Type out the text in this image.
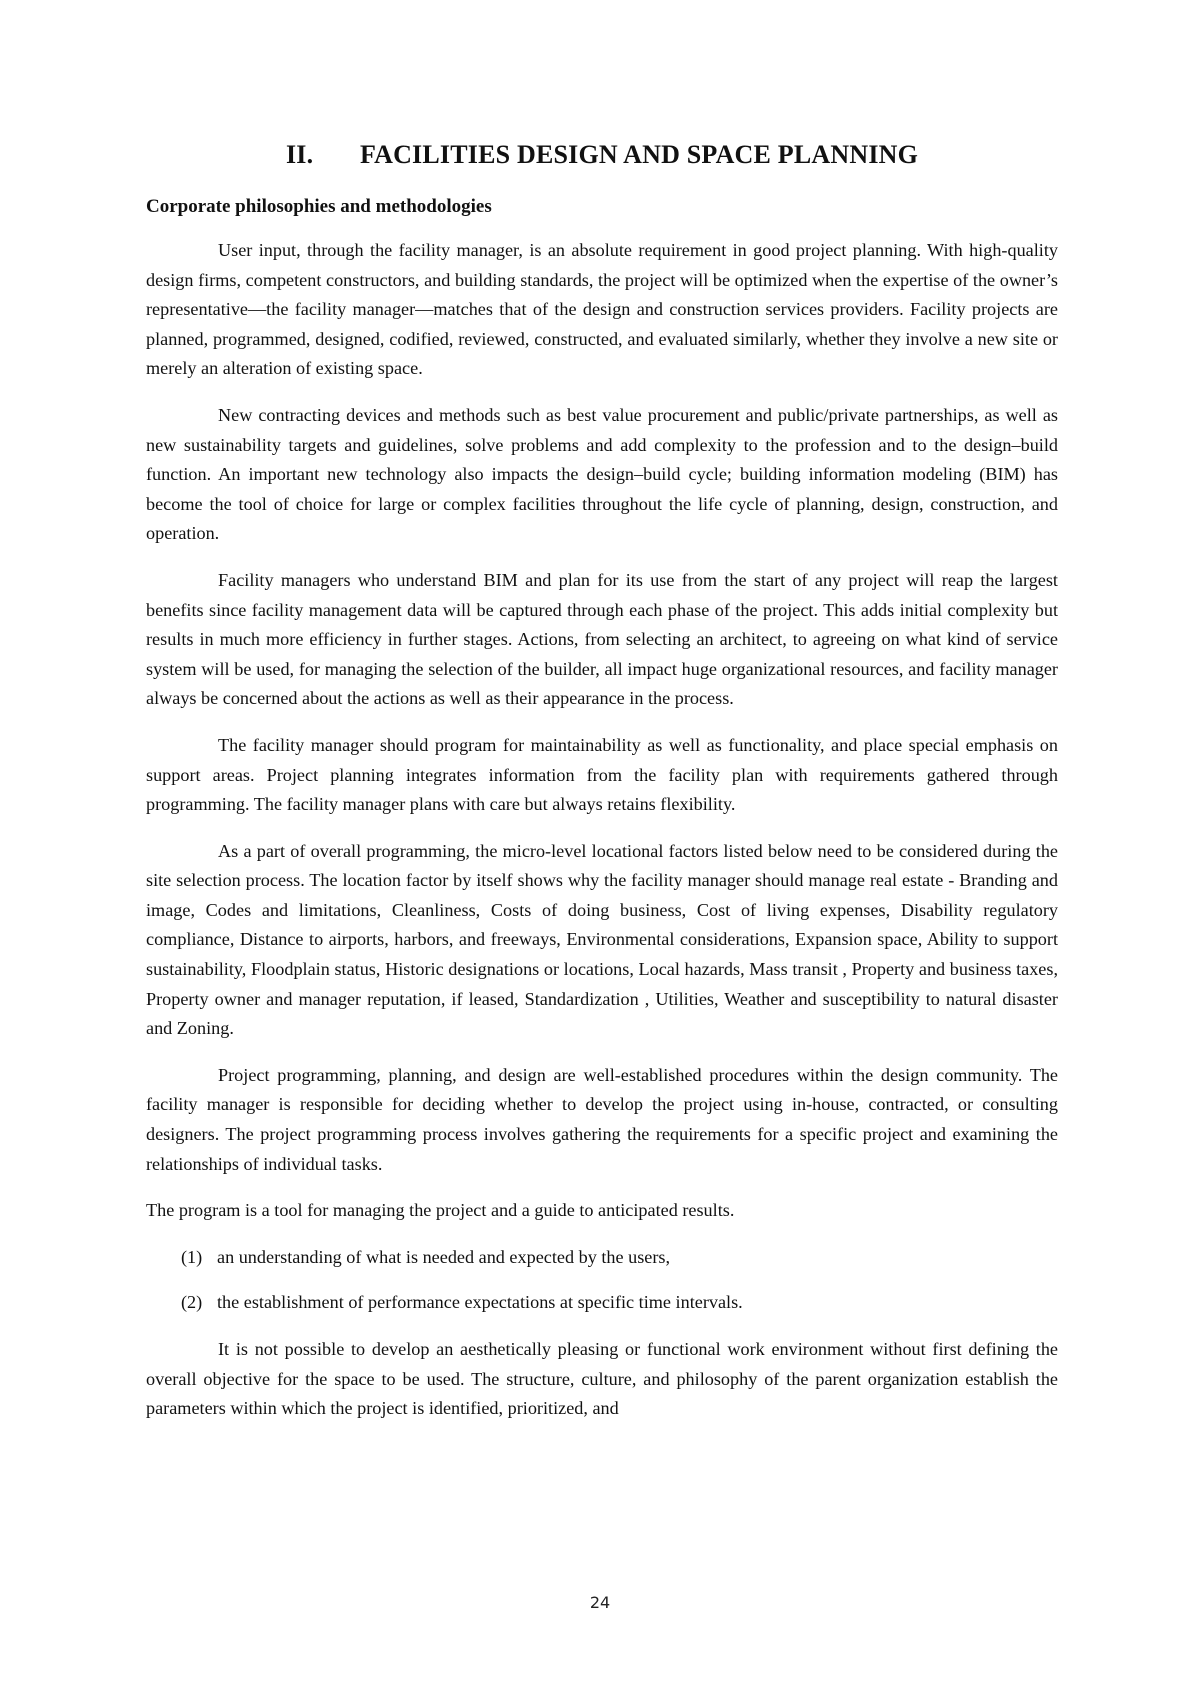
II.	FACILITIES DESIGN AND SPACE PLANNING
Corporate philosophies and methodologies

User input, through the facility manager, is an absolute requirement in good project planning. With high-quality design firms, competent constructors, and building standards, the project will be optimized when the expertise of the owner’s representative—the facility manager—matches that of the design and construction services providers. Facility projects are planned, programmed, designed, codified, reviewed, constructed, and evaluated similarly, whether they involve a new site or merely an alteration of existing space.

New contracting devices and methods such as best value procurement and public/private partnerships, as well as new sustainability targets and guidelines, solve problems and add complexity to the profession and to the design–build function. An important new technology also impacts the design–build cycle; building information modeling (BIM) has become the tool of choice for large or complex facilities throughout the life cycle of planning, design, construction, and operation.

Facility managers who understand BIM and plan for its use from the start of any project will reap the largest benefits since facility management data will be captured through each phase of the project. This adds initial complexity but results in much more efficiency in further stages. Actions, from selecting an architect, to agreeing on what kind of service system will be used, for managing the selection of the builder, all impact huge organizational resources, and facility manager always be concerned about the actions as well as their appearance in the process.

The facility manager should program for maintainability as well as functionality, and place special emphasis on support areas. Project planning integrates information from the facility plan with requirements gathered through programming. The facility manager plans with care but always retains flexibility.

As a part of overall programming, the micro-level locational factors listed below need to be considered during the site selection process. The location factor by itself shows why the facility manager should manage real estate - Branding and image, Codes and limitations, Cleanliness, Costs of doing business, Cost of living expenses, Disability regulatory compliance, Distance to airports, harbors, and freeways, Environmental considerations, Expansion space, Ability to support sustainability, Floodplain status, Historic designations or locations, Local hazards, Mass transit , Property and business taxes, Property owner and manager reputation, if leased, Standardization , Utilities, Weather and susceptibility to natural disaster and Zoning.

Project programming, planning, and design are well-established procedures within the design community. The facility manager is responsible for deciding whether to develop the project using in-house, contracted, or consulting designers. The project programming process involves gathering the requirements for a specific project and examining the relationships of individual tasks.

The program is a tool for managing the project and a guide to anticipated results.

(1) an understanding of what is needed and expected by the users,
(2) the establishment of performance expectations at specific time intervals.

It is not possible to develop an aesthetically pleasing or functional work environment without first defining the overall objective for the space to be used. The structure, culture, and philosophy of the parent organization establish the parameters within which the project is identified, prioritized, and

24
